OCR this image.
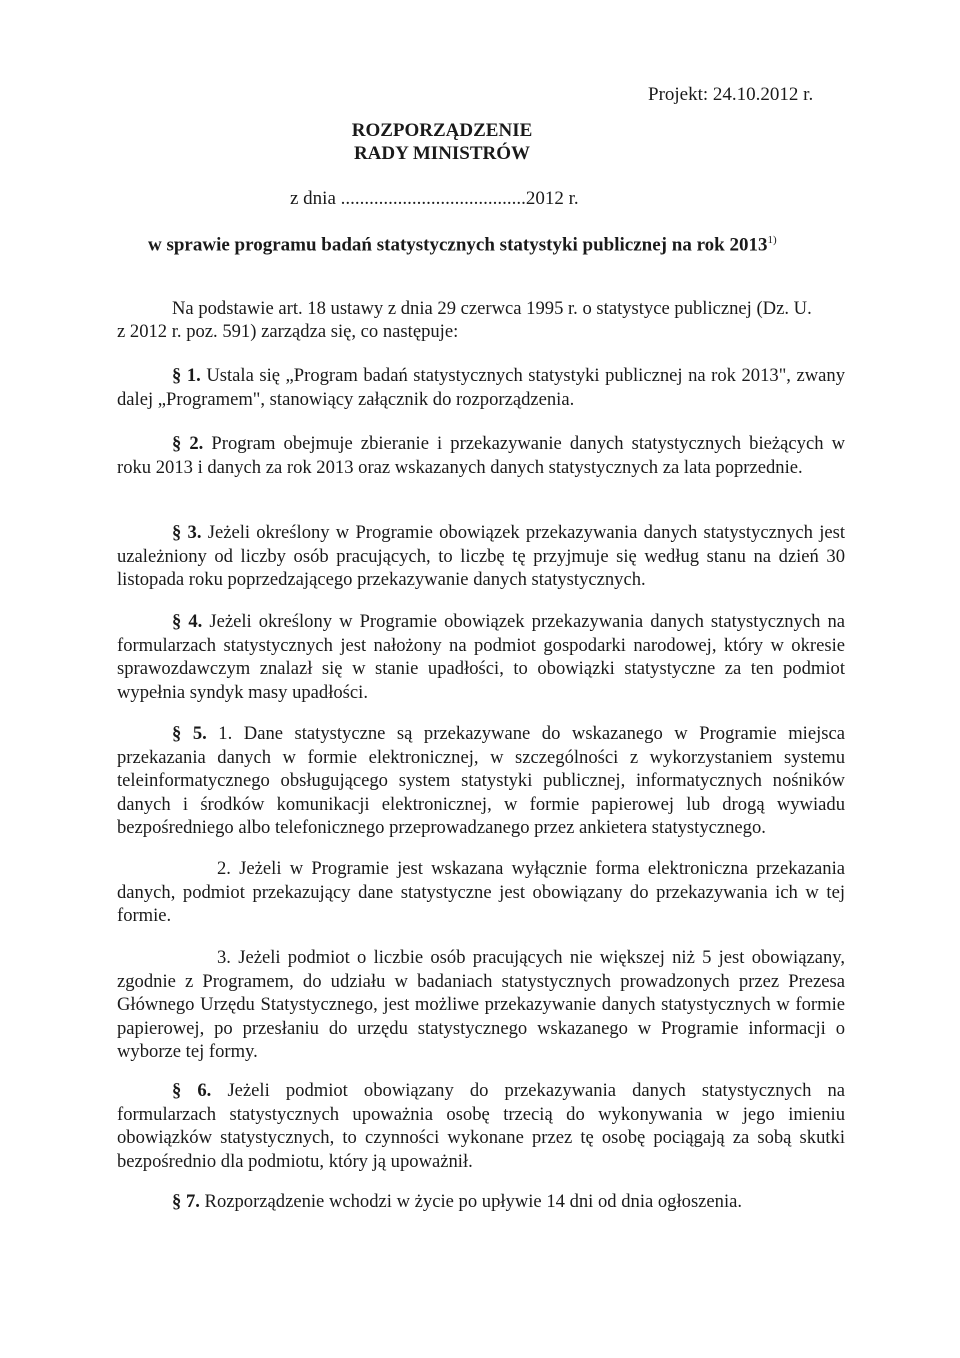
Projekt: 24.10.2012 r.
ROZPORZĄDZENIE
RADY MINISTRÓW
z dnia .......................................2012 r.
w sprawie programu badań statystycznych statystyki publicznej na rok 2013$^{1)}$
Na podstawie art. 18 ustawy z dnia 29 czerwca 1995 r. o statystyce publicznej (Dz. U.
z 2012 r. poz. 591) zarządza się, co następuje:
§ 1. Ustala się „Program badań statystycznych statystyki publicznej na rok 2013", zwany dalej „Programem", stanowiący załącznik do rozporządzenia.
§ 2. Program obejmuje zbieranie i przekazywanie danych statystycznych bieżących w roku 2013 i danych za rok 2013 oraz wskazanych danych statystycznych za lata poprzednie.
§ 3. Jeżeli określony w Programie obowiązek przekazywania danych statystycznych jest uzależniony od liczby osób pracujących, to liczbę tę przyjmuje się według stanu na dzień 30 listopada roku poprzedzającego przekazywanie danych statystycznych.
§ 4. Jeżeli określony w Programie obowiązek przekazywania danych statystycznych na formularzach statystycznych jest nałożony na podmiot gospodarki narodowej, który w okresie sprawozdawczym znalazł się w stanie upadłości, to obowiązki statystyczne za ten podmiot wypełnia syndyk masy upadłości.
§ 5. 1. Dane statystyczne są przekazywane do wskazanego w Programie miejsca przekazania danych w formie elektronicznej, w szczególności z wykorzystaniem systemu teleinformatycznego obsługującego system statystyki publicznej, informatycznych nośników danych i środków komunikacji elektronicznej, w formie papierowej lub drogą wywiadu bezpośredniego albo telefonicznego przeprowadzanego przez ankietera statystycznego.
2. Jeżeli w Programie jest wskazana wyłącznie forma elektroniczna przekazania danych, podmiot przekazujący dane statystyczne jest obowiązany do przekazywania ich w tej formie.
3. Jeżeli podmiot o liczbie osób pracujących nie większej niż 5 jest obowiązany, zgodnie z Programem, do udziału w badaniach statystycznych prowadzonych przez Prezesa Głównego Urzędu Statystycznego, jest możliwe przekazywanie danych statystycznych w formie papierowej, po przesłaniu do urzędu statystycznego wskazanego w Programie informacji o wyborze tej formy.
§ 6. Jeżeli podmiot obowiązany do przekazywania danych statystycznych na formularzach statystycznych upoważnia osobę trzecią do wykonywania w jego imieniu obowiązków statystycznych, to czynności wykonane przez tę osobę pociągają za sobą skutki bezpośrednio dla podmiotu, który ją upoważnił.
§ 7. Rozporządzenie wchodzi w życie po upływie 14 dni od dnia ogłoszenia.
